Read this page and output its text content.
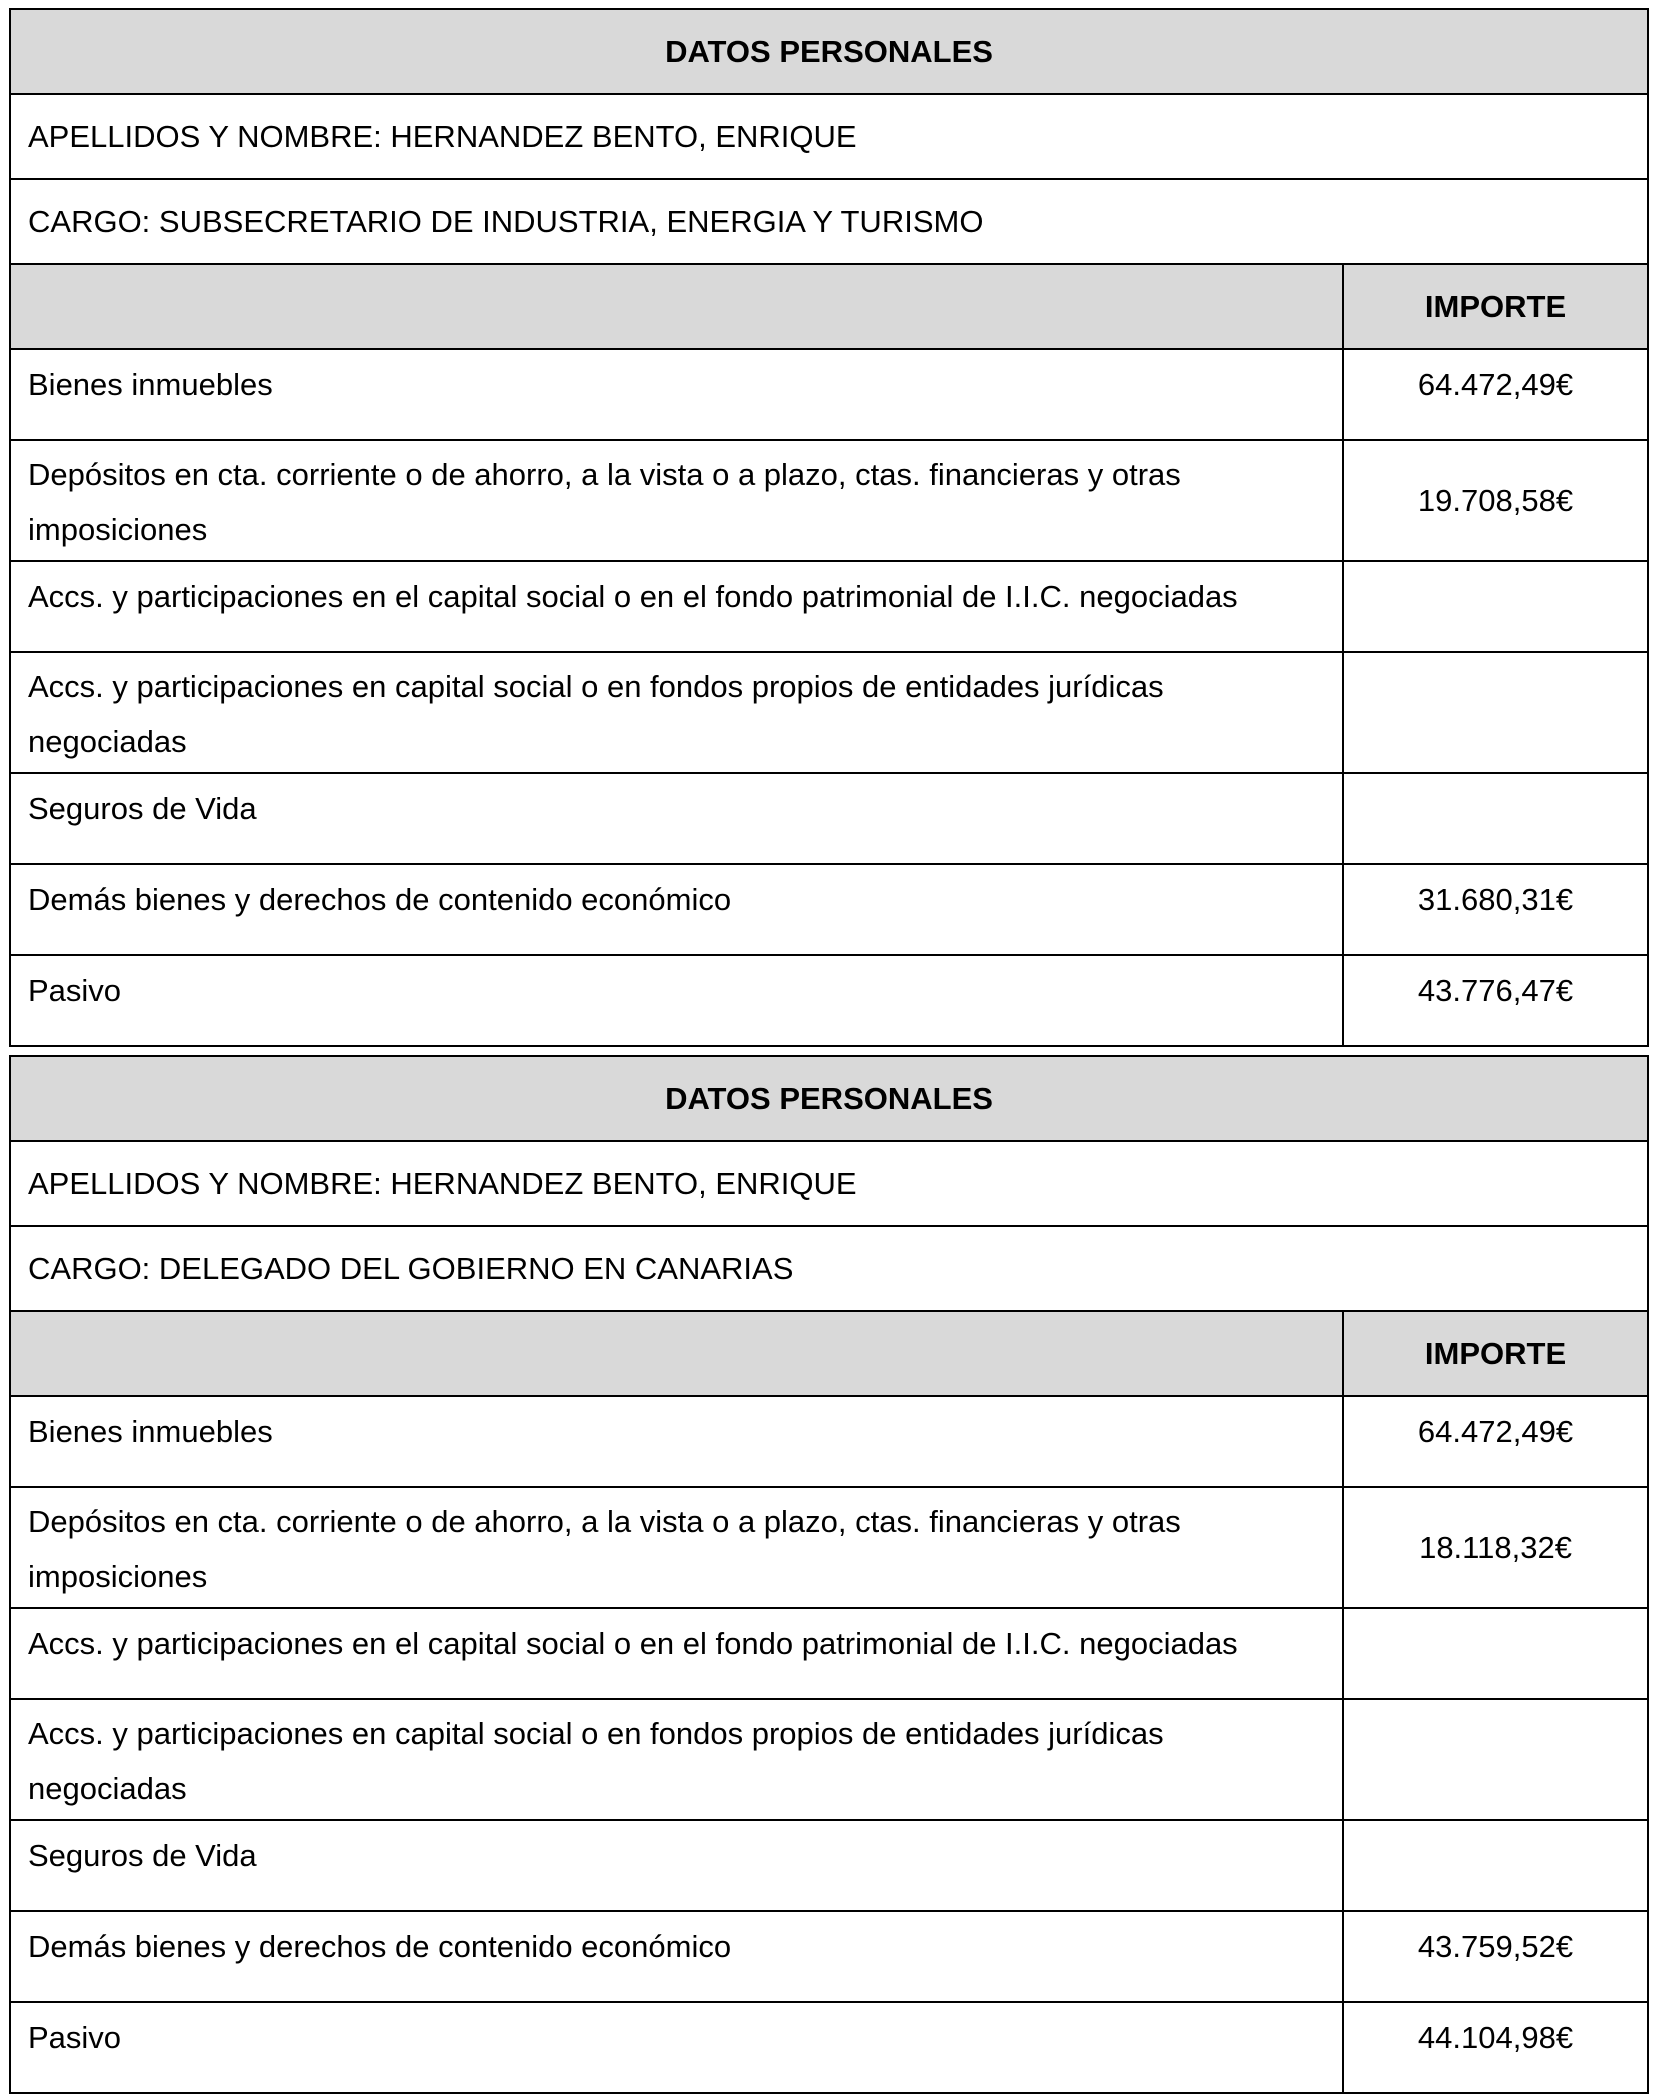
DATOS PERSONALES	
APELLIDOS Y NOMBRE: HERNANDEZ BENTO, ENRIQUE	
CARGO: SUBSECRETARIO DE INDUSTRIA, ENERGIA Y TURISMO	
	IMPORTE
Bienes inmuebles	64.472,49€
Depósitos en cta. corriente o de ahorro, a la vista o a plazo, ctas. financieras y otras imposiciones	19.708,58€
Accs. y participaciones en el capital social o en el fondo patrimonial de I.I.C. negociadas	
Accs. y participaciones en capital social o en fondos propios de entidades jurídicas negociadas	
Seguros de Vida	
Demás bienes y derechos de contenido económico	31.680,31€
Pasivo	43.776,47€
DATOS PERSONALES	
APELLIDOS Y NOMBRE: HERNANDEZ BENTO, ENRIQUE	
CARGO: DELEGADO DEL GOBIERNO EN CANARIAS	
	IMPORTE
Bienes inmuebles	64.472,49€
Depósitos en cta. corriente o de ahorro, a la vista o a plazo, ctas. financieras y otras imposiciones	18.118,32€
Accs. y participaciones en el capital social o en el fondo patrimonial de I.I.C. negociadas	
Accs. y participaciones en capital social o en fondos propios de entidades jurídicas negociadas	
Seguros de Vida	
Demás bienes y derechos de contenido económico	43.759,52€
Pasivo	44.104,98€
